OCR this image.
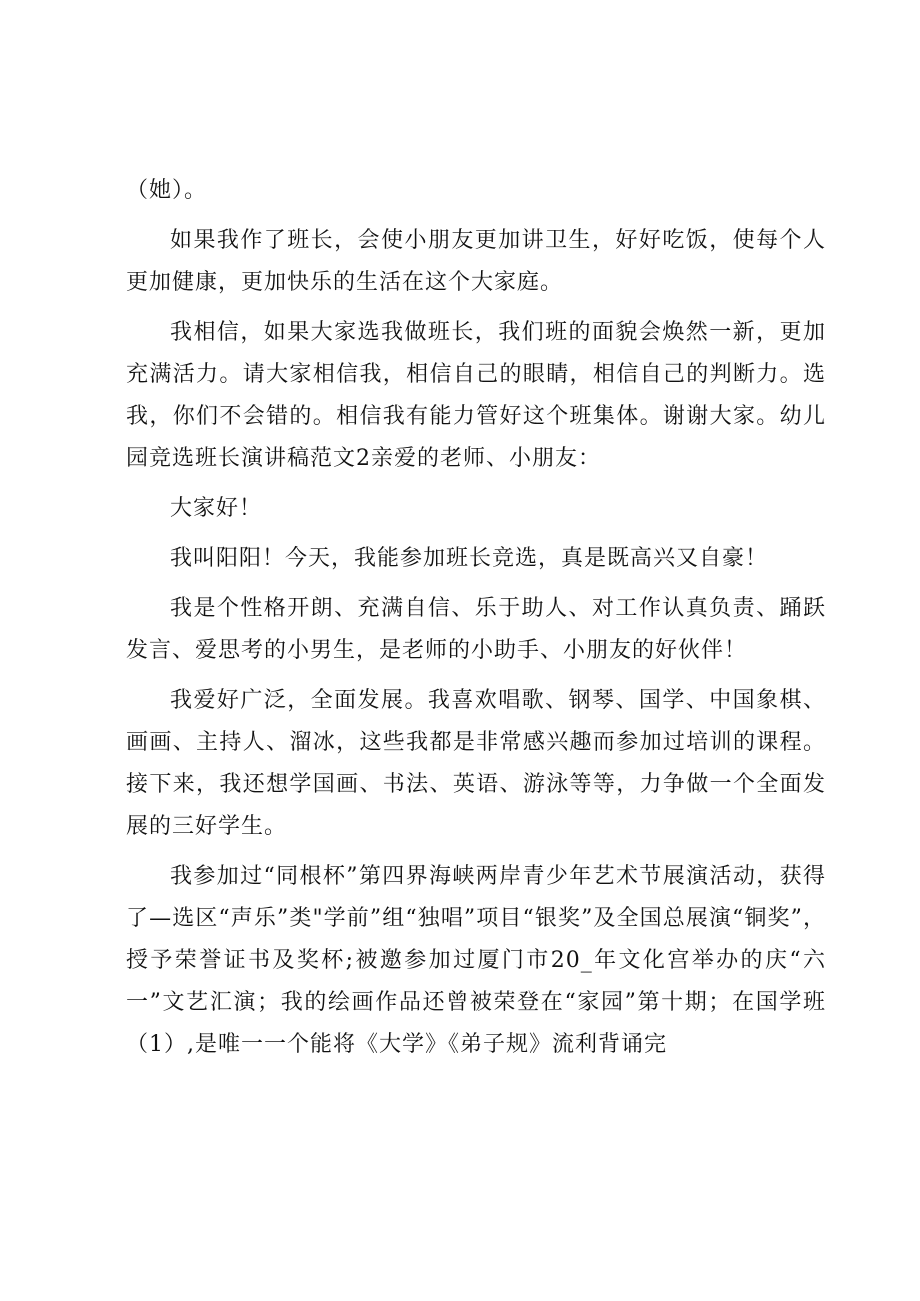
（她）。

如果我作了班长，会使小朋友更加讲卫生，好好吃饭，使每个人更加健康，更加快乐的生活在这个大家庭。

我相信，如果大家选我做班长，我们班的面貌会焕然一新，更加充满活力。请大家相信我，相信自己的眼睛，相信自己的判断力。选我，你们不会错的。相信我有能力管好这个班集体。谢谢大家。幼儿园竞选班长演讲稿范文2亲爱的老师、小朋友：

大家好！

我叫阳阳！今天，我能参加班长竞选，真是既高兴又自豪！

我是个性格开朗、充满自信、乐于助人、对工作认真负责、踊跃发言、爱思考的小男生，是老师的小助手、小朋友的好伙伴！

我爱好广泛，全面发展。我喜欢唱歌、钢琴、国学、中国象棋、画画、主持人、溜冰，这些我都是非常感兴趣而参加过培训的课程。接下来，我还想学国画、书法、英语、游泳等等，力争做一个全面发展的三好学生。

我参加过“同根杯”第四界海峡两岸青少年艺术节展演活动，获得了—选区“声乐”类"学前”组“独唱”项目“银奖”及全国总展演“铜奖”，授予荣誉证书及奖杯;被邀参加过厦门市20_年文化宫举办的庆“六一”文艺汇演；我的绘画作品还曾被荣登在“家园”第十期；在国学班（1）,是唯一一个能将《大学》《弟子规》流利背诵完
